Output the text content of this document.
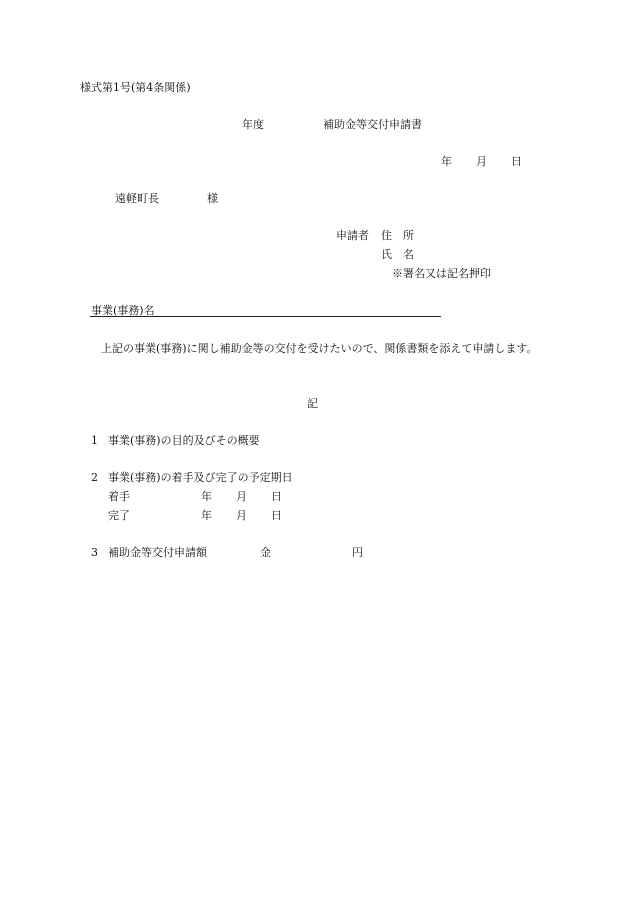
様式第1号(第4条関係)
年度	補助金等交付申請書
年 月 日
遠軽町長	様
申請者 住　所
氏　名
※署名又は記名押印
事業(事務)名
上記の事業(事務)に関し補助金等の交付を受けたいので、関係書類を添えて申請します。
記
1 事業(事務)の目的及びその概要
2 事業(事務)の着手及び完了の予定期日
着手	年 月 日
完了	年 月 日
3 補助金等交付申請額	金	円
